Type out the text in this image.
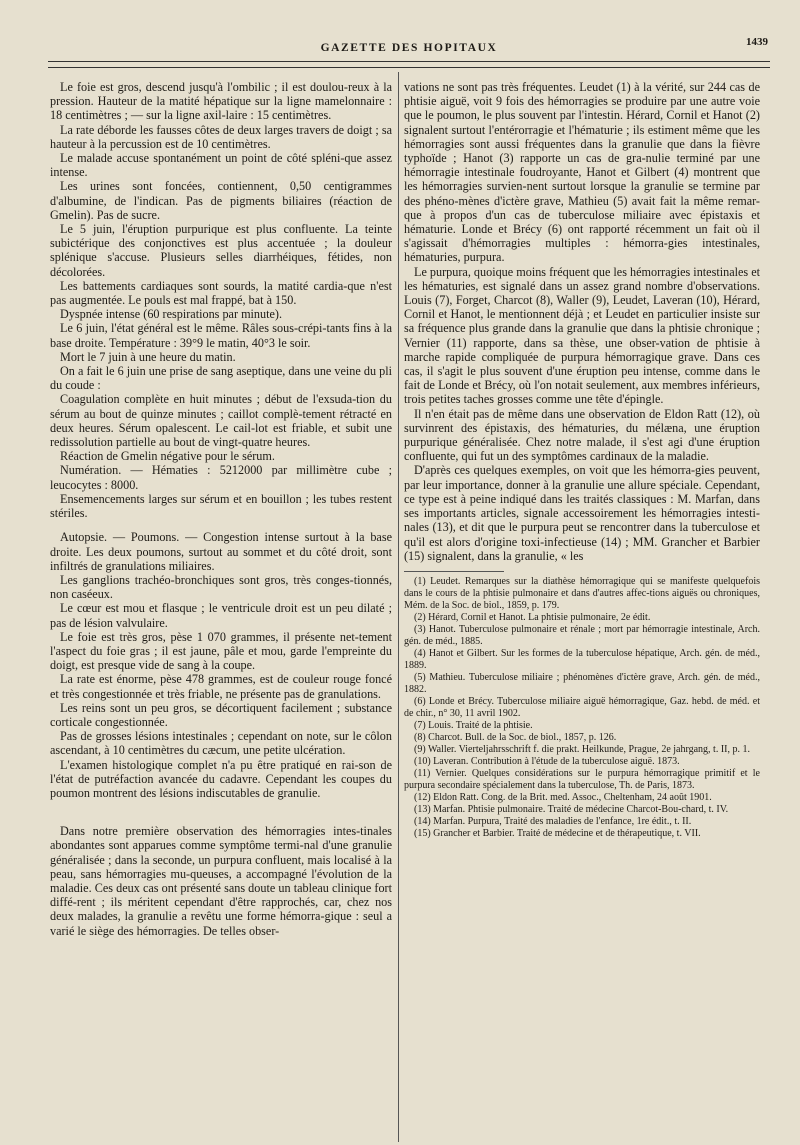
GAZETTE DES HOPITAUX	1439

Le foie est gros, descend jusqu'à l'ombilic ; il est doulou-reux à la pression. Hauteur de la matité hépatique sur la ligne mamelonnaire : 18 centimètres ; — sur la ligne axil-laire : 15 centimètres.

La rate déborde les fausses côtes de deux larges travers de doigt ; sa hauteur à la percussion est de 10 centimètres.

Le malade accuse spontanément un point de côté spléni-que assez intense.

Les urines sont foncées, contiennent, 0,50 centigrammes d'albumine, de l'indican. Pas de pigments biliaires (réaction de Gmelin). Pas de sucre.

Le 5 juin, l'éruption purpurique est plus confluente. La teinte subictérique des conjonctives est plus accentuée ; la douleur splénique s'accuse. Plusieurs selles diarrhéiques, fétides, non décolorées.

Les battements cardiaques sont sourds, la matité cardia-que n'est pas augmentée. Le pouls est mal frappé, bat à 150.

Dyspnée intense (60 respirations par minute).

Le 6 juin, l'état général est le même. Râles sous-crépi-tants fins à la base droite. Température : 39°9 le matin, 40°3 le soir.

Mort le 7 juin à une heure du matin.

On a fait le 6 juin une prise de sang aseptique, dans une veine du pli du coude :

Coagulation complète en huit minutes ; début de l'exsuda-tion du sérum au bout de quinze minutes ; caillot complè-tement rétracté en deux heures. Sérum opalescent. Le cail-lot est friable, et subit une redissolution partielle au bout de vingt-quatre heures.

Réaction de Gmelin négative pour le sérum.

Numération. — Hématies : 5212000 par millimètre cube ; leucocytes : 8000.

Ensemencements larges sur sérum et en bouillon ; les tubes restent stériles.

Autopsie. — Poumons. — Congestion intense surtout à la base droite. Les deux poumons, surtout au sommet et du côté droit, sont infiltrés de granulations miliaires.

Les ganglions trachéo-bronchiques sont gros, très conges-tionnés, non caséeux.

Le cœur est mou et flasque ; le ventricule droit est un peu dilaté ; pas de lésion valvulaire.

Le foie est très gros, pèse 1 070 grammes, il présente net-tement l'aspect du foie gras ; il est jaune, pâle et mou, garde l'empreinte du doigt, est presque vide de sang à la coupe.

La rate est énorme, pèse 478 grammes, est de couleur rouge foncé et très congestionnée et très friable, ne présente pas de granulations.

Les reins sont un peu gros, se décortiquent facilement ; substance corticale congestionnée.

Pas de grosses lésions intestinales ; cependant on note, sur le côlon ascendant, à 10 centimètres du cæcum, une petite ulcération.

L'examen histologique complet n'a pu être pratiqué en rai-son de l'état de putréfaction avancée du cadavre. Cependant les coupes du poumon montrent des lésions indiscutables de granulie.

Dans notre première observation des hémorragies intes-tinales abondantes sont apparues comme symptôme termi-nal d'une granulie généralisée ; dans la seconde, un purpura confluent, mais localisé à la peau, sans hémorragies mu-queuses, a accompagné l'évolution de la maladie. Ces deux cas ont présenté sans doute un tableau clinique fort diffé-rent ; ils méritent cependant d'être rapprochés, car, chez nos deux malades, la granulie a revêtu une forme hémorra-gique : seul a varié le siège des hémorragies. De telles obser-

vations ne sont pas très fréquentes. Leudet (1) à la vérité, sur 244 cas de phtisie aiguë, voit 9 fois des hémorragies se produire par une autre voie que le poumon, le plus souvent par l'intestin. Hérard, Cornil et Hanot (2) signalent surtout l'entérorragie et l'hématurie ; ils estiment même que les hémorragies sont aussi fréquentes dans la granulie que dans la fièvre typhoïde ; Hanot (3) rapporte un cas de gra-nulie terminé par une hémorragie intestinale foudroyante, Hanot et Gilbert (4) montrent que les hémorragies survien-nent surtout lorsque la granulie se termine par des phéno-mènes d'ictère grave, Mathieu (5) avait fait la même remar-que à propos d'un cas de tuberculose miliaire avec épistaxis et hématurie. Londe et Brécy (6) ont rapporté récemment un fait où il s'agissait d'hémorragies multiples : hémorra-gies intestinales, hématuries, purpura.

Le purpura, quoique moins fréquent que les hémorragies intestinales et les hématuries, est signalé dans un assez grand nombre d'observations. Louis (7), Forget, Charcot (8), Waller (9), Leudet, Laveran (10), Hérard, Cornil et Hanot, le mentionnent déjà ; et Leudet en particulier insiste sur sa fréquence plus grande dans la granulie que dans la phtisie chronique ; Vernier (11) rapporte, dans sa thèse, une obser-vation de phtisie à marche rapide compliquée de purpura hémorragique grave. Dans ces cas, il s'agit le plus souvent d'une éruption peu intense, comme dans le fait de Londe et Brécy, où l'on notait seulement, aux membres inférieurs, trois petites taches grosses comme une tête d'épingle.

Il n'en était pas de même dans une observation de Eldon Ratt (12), où survinrent des épistaxis, des hématuries, du mélæna, une éruption purpurique généralisée. Chez notre malade, il s'est agi d'une éruption confluente, qui fut un des symptômes cardinaux de la maladie.

D'après ces quelques exemples, on voit que les hémorra-gies peuvent, par leur importance, donner à la granulie une allure spéciale. Cependant, ce type est à peine indiqué dans les traités classiques : M. Marfan, dans ses importants articles, signale accessoirement les hémorragies intesti-nales (13), et dit que le purpura peut se rencontrer dans la tuberculose et qu'il est alors d'origine toxi-infectieuse (14) ; MM. Grancher et Barbier (15) signalent, dans la granulie, « les

(1) Leudet. Remarques sur la diathèse hémorragique qui se manifeste quelquefois dans le cours de la phtisie pulmonaire et dans d'autres affec-tions aiguës ou chroniques, Mém. de la Soc. de biol., 1859, p. 179.

(2) Hérard, Cornil et Hanot. La phtisie pulmonaire, 2e édit.

(3) Hanot. Tuberculose pulmonaire et rénale ; mort par hémorragie intestinale, Arch. gén. de méd., 1885.

(4) Hanot et Gilbert. Sur les formes de la tuberculose hépatique, Arch. gén. de méd., 1889.

(5) Mathieu. Tuberculose miliaire ; phénomènes d'ictère grave, Arch. gén. de méd., 1882.

(6) Londe et Brécy. Tuberculose miliaire aiguë hémorragique, Gaz. hebd. de méd. et de chir., n° 30, 11 avril 1902.

(7) Louis. Traité de la phtisie.

(8) Charcot. Bull. de la Soc. de biol., 1857, p. 126.

(9) Waller. Vierteljahrsschrift f. die prakt. Heilkunde, Prague, 2e jahrgang, t. II, p. 1.

(10) Laveran. Contribution à l'étude de la tuberculose aiguë. 1873.

(11) Vernier. Quelques considérations sur le purpura hémorragique primitif et le purpura secondaire spécialement dans la tuberculose, Th. de Paris, 1873.

(12) Eldon Ratt. Cong. de la Brit. med. Assoc., Cheltenham, 24 août 1901.

(13) Marfan. Phtisie pulmonaire. Traité de médecine Charcot-Bou-chard, t. IV.

(14) Marfan. Purpura, Traité des maladies de l'enfance, 1re édit., t. II.

(15) Grancher et Barbier. Traité de médecine et de thérapeutique, t. VII.
